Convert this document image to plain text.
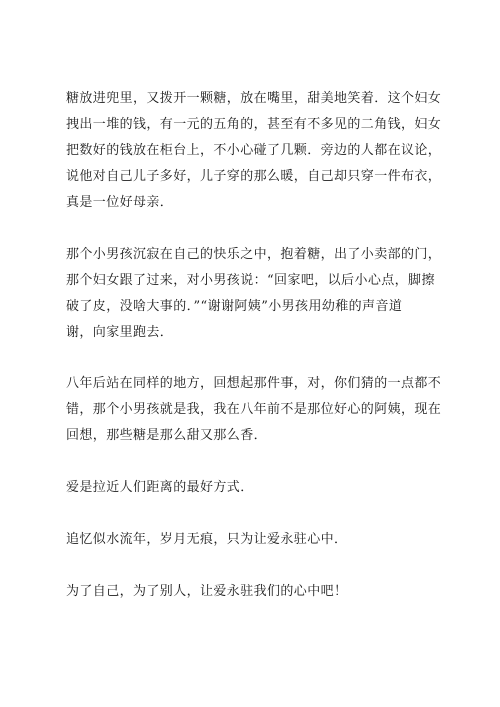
糖放进兜里，又拨开一颗糖，放在嘴里，甜美地笑着．这个妇女
拽出一堆的钱，有一元的五角的，甚至有不多见的二角钱，妇女
把数好的钱放在柜台上，不小心碰了几颗．旁边的人都在议论，
说他对自己儿子多好，儿子穿的那么暖，自己却只穿一件布衣，
真是一位好母亲．
那个小男孩沉寂在自己的快乐之中，抱着糖，出了小卖部的门，
那个妇女跟了过来，对小男孩说：“回家吧，以后小心点，脚擦
破了皮，没啥大事的．”“谢谢阿姨”小男孩用幼稚的声音道
谢，向家里跑去．
八年后站在同样的地方，回想起那件事，对，你们猜的一点都不
错，那个小男孩就是我，我在八年前不是那位好心的阿姨，现在
回想，那些糖是那么甜又那么香．
爱是拉近人们距离的最好方式．
追忆似水流年，岁月无痕，只为让爱永驻心中．
为了自己，为了别人，让爱永驻我们的心中吧！
